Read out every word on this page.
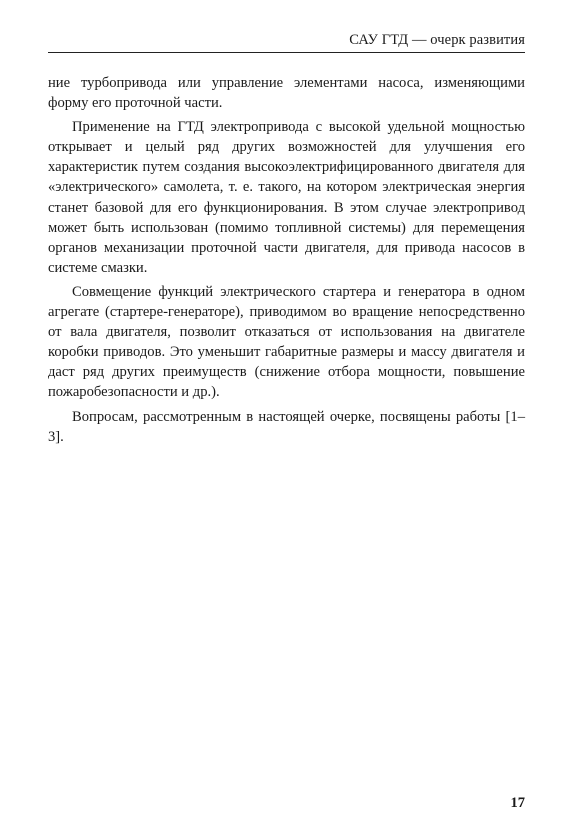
САУ ГТД — очерк развития

ние турбопривода или управление элементами насоса, изменяющими форму его проточной части.

Применение на ГТД электропривода с высокой удельной мощностью открывает и целый ряд других возможностей для улучшения его характеристик путем создания высокоэлектрифицированного двигателя для «электрического» самолета, т. е. такого, на котором электрическая энергия станет базовой для его функционирования. В этом случае электропривод может быть использован (помимо топливной системы) для перемещения органов механизации проточной части двигателя, для привода насосов в системе смазки.

Совмещение функций электрического стартера и генератора в одном агрегате (стартере-генераторе), приводимом во вращение непосредственно от вала двигателя, позволит отказаться от использования на двигателе коробки приводов. Это уменьшит габаритные размеры и массу двигателя и даст ряд других преимуществ (снижение отбора мощности, повышение пожаробезопасности и др.).

Вопросам, рассмотренным в настоящей очерке, посвящены работы [1–3].

17
